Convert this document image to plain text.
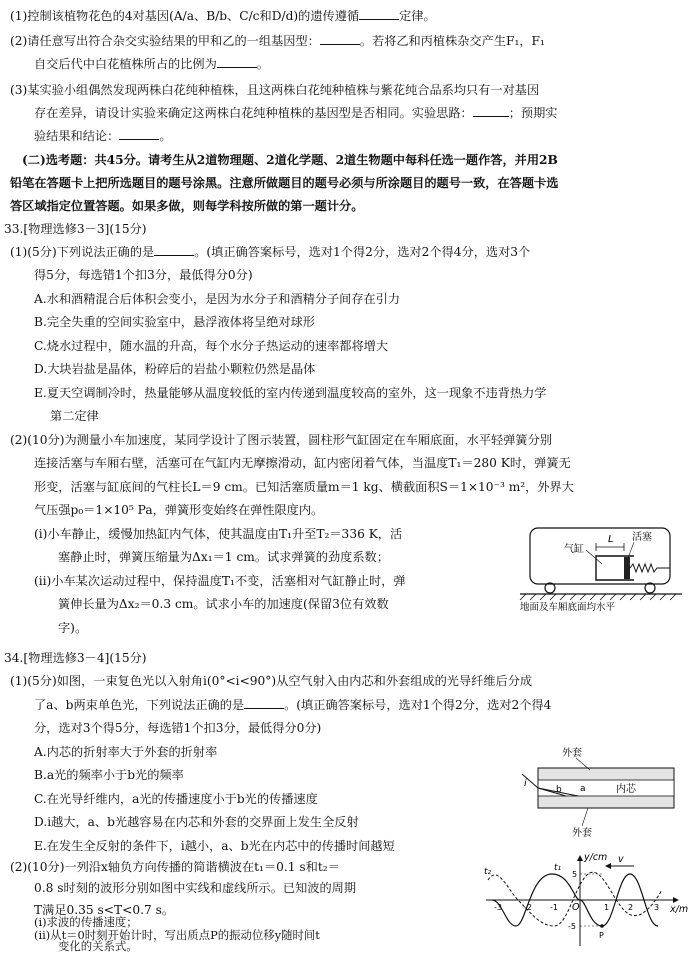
(1)控制该植物花色的4对基因(A/a、B/b、C/c和D/d)的遗传遵循	定律。
(2)请任意写出符合杂交实验结果的甲和乙的一组基因型：	。若将乙和丙植株杂交产生F₁，F₁
自交后代中白花植株所占的比例为	。
(3)某实验小组偶然发现两株白花纯种植株，且这两株白花纯种植株与紫花纯合品系均只有一对基因
存在差异，请设计实验来确定这两株白花纯种植株的基因型是否相同。实验思路：	；预期实
验结果和结论：	。
(二)选考题：共45分。请考生从2道物理题、2道化学题、2道生物题中每科任选一题作答，并用2B
铅笔在答题卡上把所选题目的题号涂黑。注意所做题目的题号必须与所涂题目的题号一致，在答题卡选
答区域指定位置答题。如果多做，则每学科按所做的第一题计分。
33.[物理选修3－3](15分)
(1)(5分)下列说法正确的是	。(填正确答案标号，选对1个得2分，选对2个得4分，选对3个
得5分，每选错1个扣3分，最低得分0分)
A.水和酒精混合后体积会变小，是因为水分子和酒精分子间存在引力
B.完全失重的空间实验室中，悬浮液体将呈绝对球形
C.烧水过程中，随水温的升高，每个水分子热运动的速率都将增大
D.大块岩盐是晶体，粉碎后的岩盐小颗粒仍然是晶体
E.夏天空调制冷时，热量能够从温度较低的室内传递到温度较高的室外，这一现象不违背热力学
第二定律
(2)(10分)为测量小车加速度，某同学设计了图示装置，圆柱形气缸固定在车厢底面，水平轻弹簧分别
连接活塞与车厢右壁，活塞可在气缸内无摩擦滑动，缸内密闭着气体，当温度T₁＝280 K时，弹簧无
形变，活塞与缸底间的气柱长L＝9 cm。已知活塞质量m＝1 kg、横截面积S＝1×10⁻³ m²，外界大
气压强p₀＝1×10⁵ Pa，弹簧形变始终在弹性限度内。
(ⅰ)小车静止，缓慢加热缸内气体，使其温度由T₁升至T₂＝336 K，活
塞静止时，弹簧压缩量为Δx₁＝1 cm。试求弹簧的劲度系数；
(ⅱ)小车某次运动过程中，保持温度T₁不变，活塞相对气缸静止时，弹
簧伸长量为Δx₂＝0.3 cm。试求小车的加速度(保留3位有效数
字)。
气缸
L 活塞
地面及车厢底面均水平
34.[物理选修3－4](15分)
(1)(5分)如图，一束复色光以入射角i(0°<i<90°)从空气射入由内芯和外套组成的光导纤维后分成
了a、b两束单色光，下列说法正确的是	。(填正确答案标号，选对1个得2分，选对2个得4
分，选对3个得5分，每选错1个扣3分，最低得分0分)
A.内芯的折射率大于外套的折射率
B.a光的频率小于b光的频率
C.在光导纤维内，a光的传播速度小于b光的传播速度
D.i越大，a、b光越容易在内芯和外套的交界面上发生全反射
E.在发生全反射的条件下，i越小，a、b光在内芯中的传播时间越短
外套
i
b a	内芯
外套
(2)(10分)一列沿x轴负方向传播的简谐横波在t₁＝0.1 s和t₂＝
0.8 s时刻的波形分别如图中实线和虚线所示。已知波的周期
T满足0.35 s<T<0.7 s。
(ⅰ)求波的传播速度；
y/cm
x/m
v
O
P
t₁
t₂	5
-5
-3	-2 -1	1 2	3
(ⅱ)从t＝0时刻开始计时，写出质点P的振动位移y随时间t
变化的关系式。
